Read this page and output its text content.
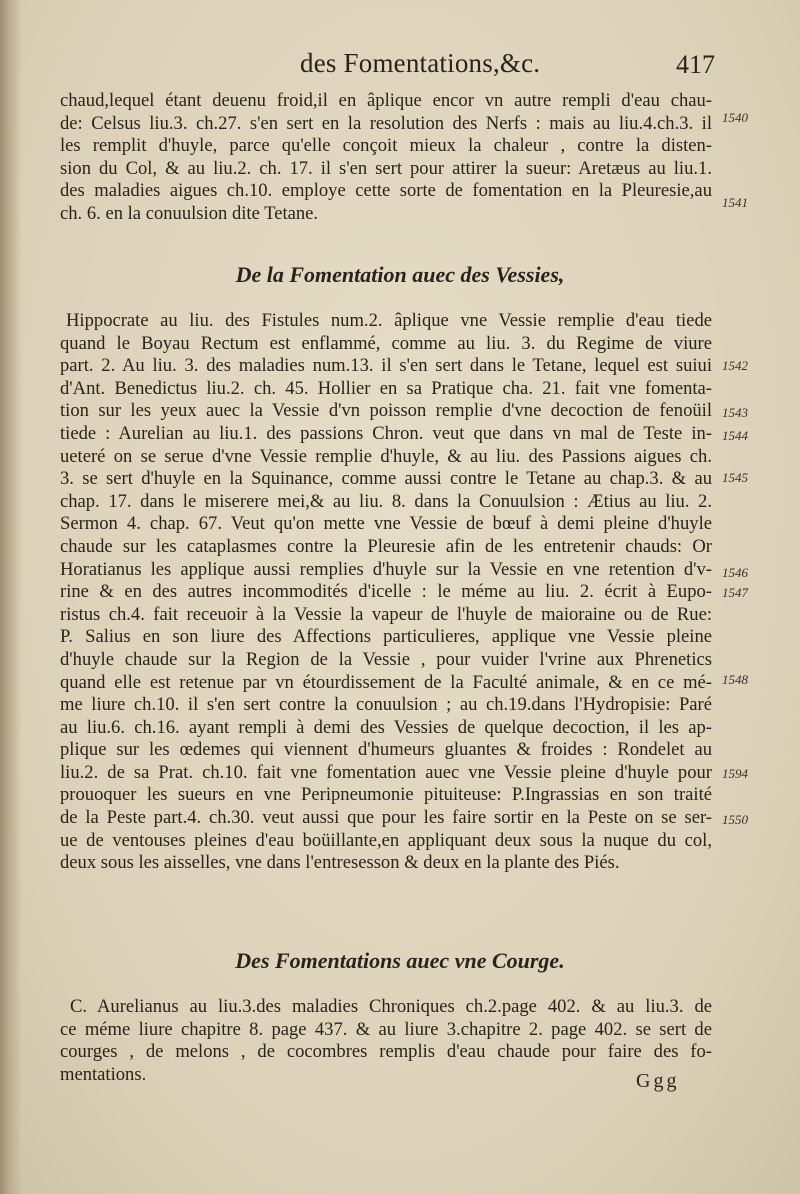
des Fomentations,&c.	417
chaud,lequel étant deuenu froid,il en âplique encor vn autre rempli d'eau chau-
de: Celsus liu.3. ch.27. s'en sert en la resolution des Nerfs : mais au liu.4.ch.3. il
les remplit d'huyle, parce qu'elle conçoit mieux la chaleur , contre la disten-
sion du Col, & au liu.2. ch. 17. il s'en sert pour attirer la sueur: Aretæus au liu.1.
des maladies aigues ch.10. employe cette sorte de fomentation en la Pleuresie,au
ch. 6. en la conuulsion dite Tetane.
De la Fomentation auec des Vessies,
Hippocrate au liu. des Fistules num.2. âplique vne Vessie remplie d'eau tiede
quand le Boyau Rectum est enflammé, comme au liu. 3. du Regime de viure
part. 2. Au liu. 3. des maladies num.13. il s'en sert dans le Tetane, lequel est suiui
d'Ant. Benedictus liu.2. ch. 45. Hollier en sa Pratique cha. 21. fait vne fomenta-
tion sur les yeux auec la Vessie d'vn poisson remplie d'vne decoction de fenoüil
tiede : Aurelian au liu.1. des passions Chron. veut que dans vn mal de Teste in-
ueteré on se serue d'vne Vessie remplie d'huyle, & au liu. des Passions aigues ch.
3. se sert d'huyle en la Squinance, comme aussi contre le Tetane au chap.3. & au
chap. 17. dans le miserere mei,& au liu. 8. dans la Conuulsion : Ætius au liu. 2.
Sermon 4. chap. 67. Veut qu'on mette vne Vessie de bœuf à demi pleine d'huyle
chaude sur les cataplasmes contre la Pleuresie afin de les entretenir chauds: Or
Horatianus les applique aussi remplies d'huyle sur la Vessie en vne retention d'v-
rine & en des autres incommodités d'icelle : le méme au liu. 2. écrit à Eupo-
ristus ch.4. fait receuoir à la Vessie la vapeur de l'huyle de maioraine ou de Rue:
P. Salius en son liure des Affections particulieres, applique vne Vessie pleine
d'huyle chaude sur la Region de la Vessie , pour vuider l'vrine aux Phrenetics
quand elle est retenue par vn étourdissement de la Faculté animale, & en ce mé-
me liure ch.10. il s'en sert contre la conuulsion ; au ch.19.dans l'Hydropisie: Paré
au liu.6. ch.16. ayant rempli à demi des Vessies de quelque decoction, il les ap-
plique sur les œdemes qui viennent d'humeurs gluantes & froides : Rondelet au
liu.2. de sa Prat. ch.10. fait vne fomentation auec vne Vessie pleine d'huyle pour
prouoquer les sueurs en vne Peripneumonie pituiteuse: P.Ingrassias en son traité
de la Peste part.4. ch.30. veut aussi que pour les faire sortir en la Peste on se ser-
ue de ventouses pleines d'eau boüillante,en appliquant deux sous la nuque du col,
deux sous les aisselles, vne dans l'entresesson & deux en la plante des Piés.
Des Fomentations auec vne Courge.
C. Aurelianus au liu.3.des maladies Chroniques ch.2.page 402. & au liu.3. de
ce méme liure chapitre 8. page 437. & au liure 3.chapitre 2. page 402. se sert de
courges , de melons , de cocombres remplis d'eau chaude pour faire des fo-
mentations.
1540
1541
1542
1543
1544
1545
1546
1547
1548
1594
1550
Ggg
